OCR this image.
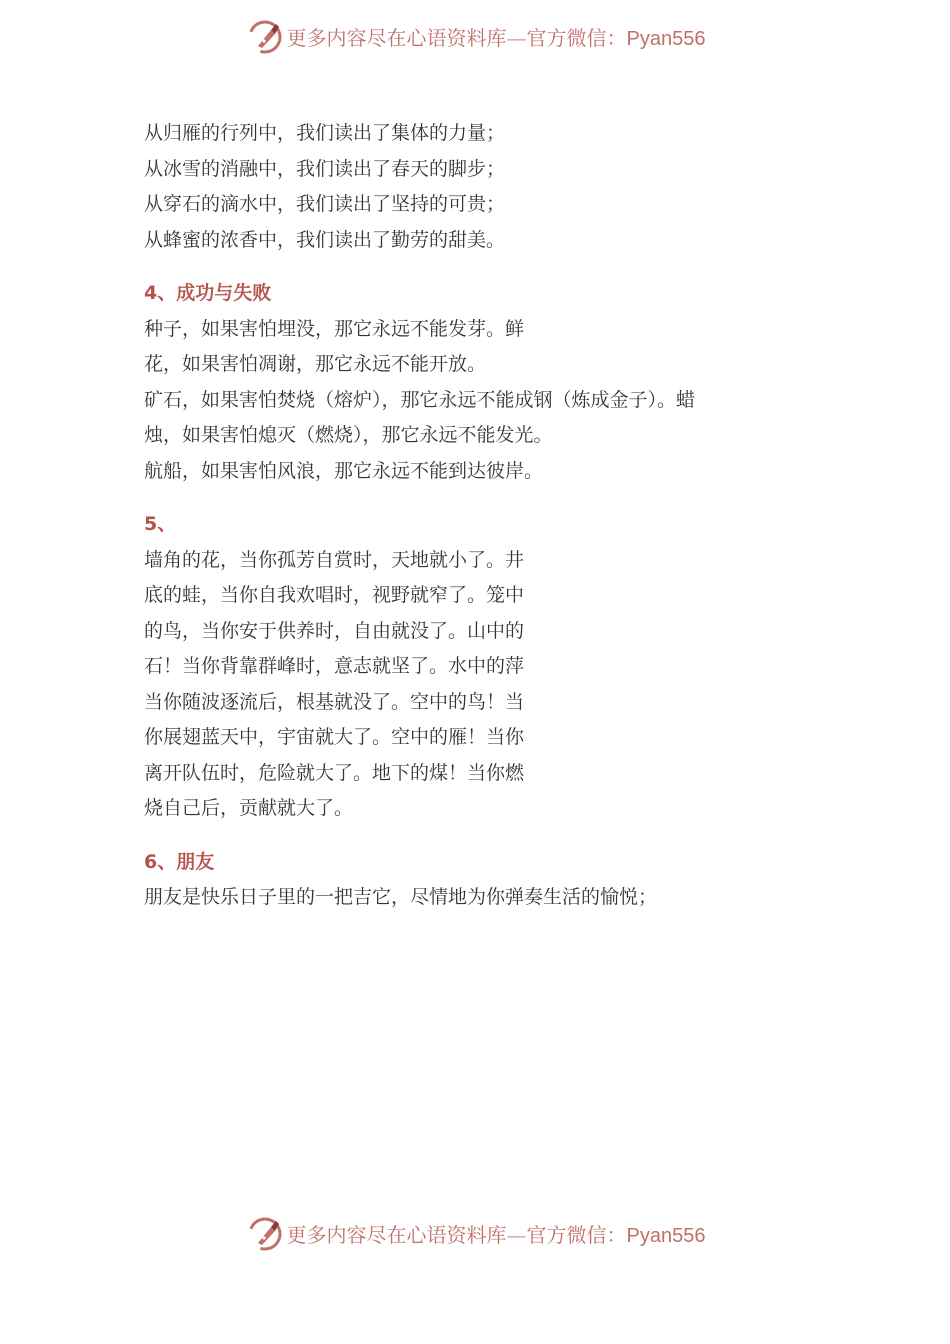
更多内容尽在心语资料库—官方微信：Pyan556
从归雁的行列中，我们读出了集体的力量；
从冰雪的消融中，我们读出了春天的脚步；
从穿石的滴水中，我们读出了坚持的可贵；
从蜂蜜的浓香中，我们读出了勤劳的甜美。
4、成功与失败
种子，如果害怕埋没，那它永远不能发芽。鲜
花，如果害怕凋谢，那它永远不能开放。
矿石，如果害怕焚烧（熔炉），那它永远不能成钢（炼成金子）。蜡
烛，如果害怕熄灭（燃烧），那它永远不能发光。
航船，如果害怕风浪，那它永远不能到达彼岸。
5、
墙角的花，当你孤芳自赏时，天地就小了。井
底的蛙，当你自我欢唱时，视野就窄了。笼中
的鸟，当你安于供养时，自由就没了。山中的
石！当你背靠群峰时，意志就坚了。水中的萍
当你随波逐流后，根基就没了。空中的鸟！当
你展翅蓝天中，宇宙就大了。空中的雁！当你
离开队伍时，危险就大了。地下的煤！当你燃
烧自己后，贡献就大了。
6、朋友
朋友是快乐日子里的一把吉它，尽情地为你弹奏生活的愉悦；
更多内容尽在心语资料库—官方微信：Pyan556
